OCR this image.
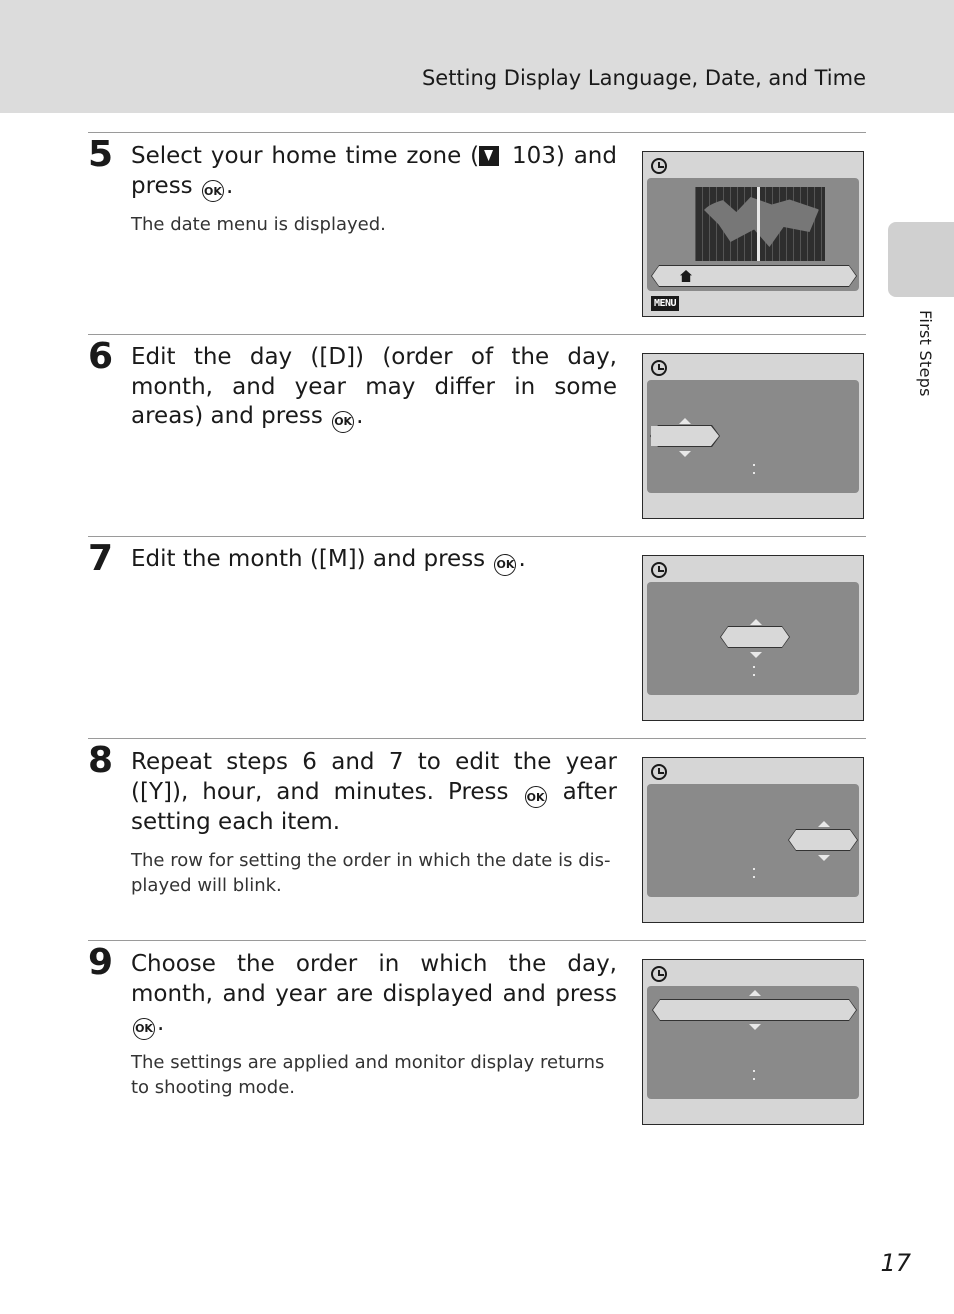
Setting Display Language, Date, and Time
First Steps
5 Select your home time zone ( 103) and press OK .
The date menu is displayed.
MENU
6 Edit the day ([D]) (order of the day, month, and year may differ in some areas) and press OK .
7 Edit the month ([M]) and press OK .
8 Repeat steps 6 and 7 to edit the year ([Y]), hour, and minutes. Press OK after setting each item.
The row for setting the order in which the date is dis-played will blink.
9 Choose the order in which the day, month, and year are displayed and press OK .
The settings are applied and monitor display returns to shooting mode.
17
